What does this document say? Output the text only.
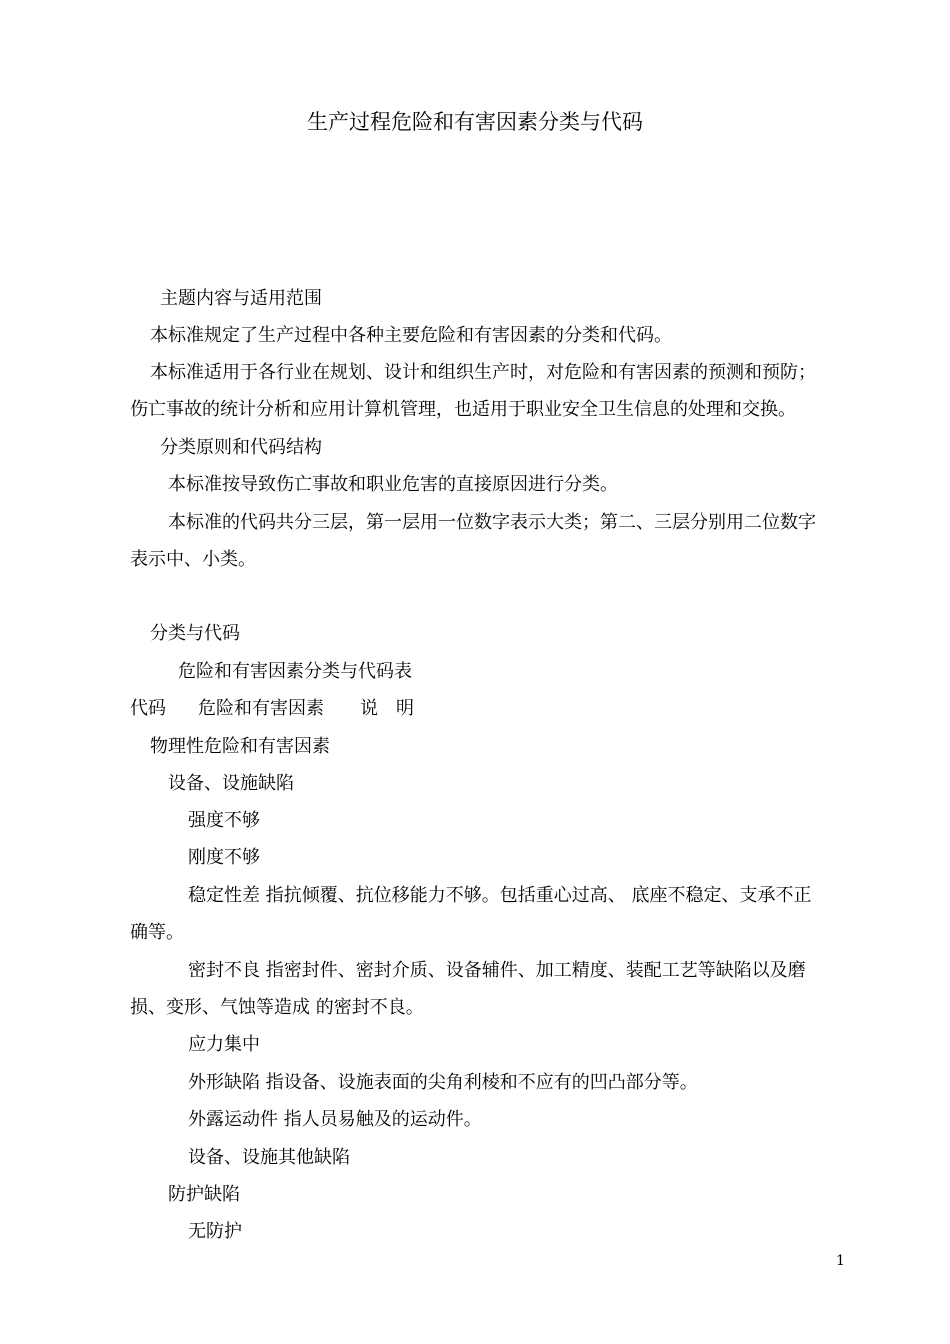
生产过程危险和有害因素分类与代码
主题内容与适用范围
本标准规定了生产过程中各种主要危险和有害因素的分类和代码。
本标准适用于各行业在规划、设计和组织生产时，对危险和有害因素的预测和预防；
伤亡事故的统计分析和应用计算机管理，也适用于职业安全卫生信息的处理和交换。
分类原则和代码结构
本标准按导致伤亡事故和职业危害的直接原因进行分类。
本标准的代码共分三层，第一层用一位数字表示大类；第二、三层分别用二位数字
表示中、小类。
分类与代码
危险和有害因素分类与代码表
代码 危险和有害因素 说　明
物理性危险和有害因素
设备、设施缺陷
强度不够
刚度不够
稳定性差 指抗倾覆、抗位移能力不够。包括重心过高、 底座不稳定、支承不正
确等。
密封不良 指密封件、密封介质、设备辅件、加工精度、装配工艺等缺陷以及磨
损、变形、气蚀等造成 的密封不良。
应力集中
外形缺陷 指设备、设施表面的尖角利棱和不应有的凹凸部分等。
外露运动件 指人员易触及的运动件。
设备、设施其他缺陷
防护缺陷
无防护
1
